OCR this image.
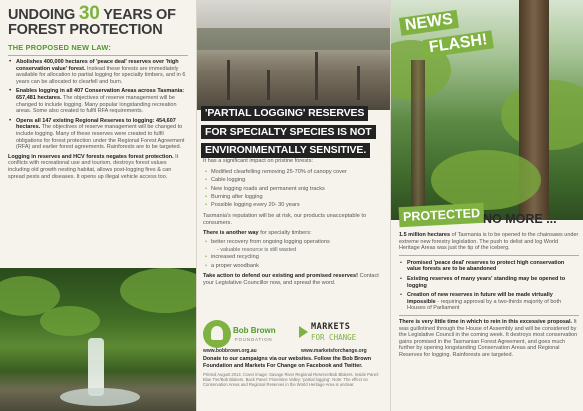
UNDOING 30 YEARS OF
FOREST PROTECTION
THE PROPOSED NEW LAW:
• Abolishes 400,000 hectares of 'peace deal' reserves over 'high conservation value' forest. Instead these forests are immediately available for allocation to partial logging for specialty timbers, and in 6 years can be allocated to clearfell and burn.
• Enables logging in all 407 Conservation Areas across Tasmania: 657,481 hectares. The objectives of reserve management will be changed to include logging. Many popular longstanding recreation areas. Some also created to fulfil RFA requirements.
• Opens all 147 existing Regional Reserves to logging: 454,607 hectares. The objectives of reserve management will be changed to include logging. Many of these reserves were created to fulfil obligations for forest protection under the Regional Forest Agreement (RFA) and earlier forest agreements. Rainforests are to be targeted.
Logging in reserves and HCV forests negates forest protection. It conflicts with recreational use and tourism, destroys forest values including old growth nesting habitat, allows post-logging fires & can spread pests and diseases. It opens up illegal vehicle access too.
'PARTIAL LOGGING' RESERVES
FOR SPECIALTY SPECIES IS NOT
ENVIRONMENTALLY SENSITIVE.
It has a significant impact on pristine forests:
• Modified clearfelling removing 25-70% of canopy cover
• Cable logging
• New logging roads and permanent snig tracks
• Burning after logging
• Possible logging every 20- 30 years
Tasmania's reputation will be at risk, our products unacceptable to consumers.
There is another way for specialty timbers:
• better recovery from ongoing logging operations
- valuable resource is still wasted
• increased recycling
• a proper woodbank
Take action to defend our existing and promised reserves! Contact your Legislative Councillor now, and spread the word.
Bob Brown
FOUNDATION
MARKETS
FOR CHANGE
www.bobbrown.org.au	www.marketsforchange.org
Donate to our campaigns via our websites. Follow the Bob Brown Foundation and Markets For Change on Facebook and Twitter.
Printed August 2014. Cover image: Savage River Regional Reserve/Bob Blakers. Inside Panel: Blue Tier/Bob Blakers. Back Panel: Florentine Valley: 'partial logging'. Note: The effect on Conservation Areas and Regional Reserves in the World Heritage Area is unclear.
NEWS
FLASH!
PROTECTED NO MORE ...
1.5 million hectares of Tasmania is to be opened to the chainsaws under extreme new forestry legislation. The push to delist and log World Heritage Areas was just the tip of the iceberg.
• Promised 'peace deal' reserves to protect high conservation value forests are to be abandoned
• Existing reserves of many years' standing may be opened to logging
• Creation of new reserves in future will be made virtually impossible - requiring approval by a two-thirds majority of both Houses of Parliament
There is very little time in which to rein in this excessive proposal. It was guillotined through the House of Assembly and will be considered by the Legislative Council in the coming week. It destroys most conservation gains promised in the Tasmanian Forest Agreement, and goes much further by opening longstanding Conservation Areas and Regional Reserves for logging. Rainforests are targeted.
